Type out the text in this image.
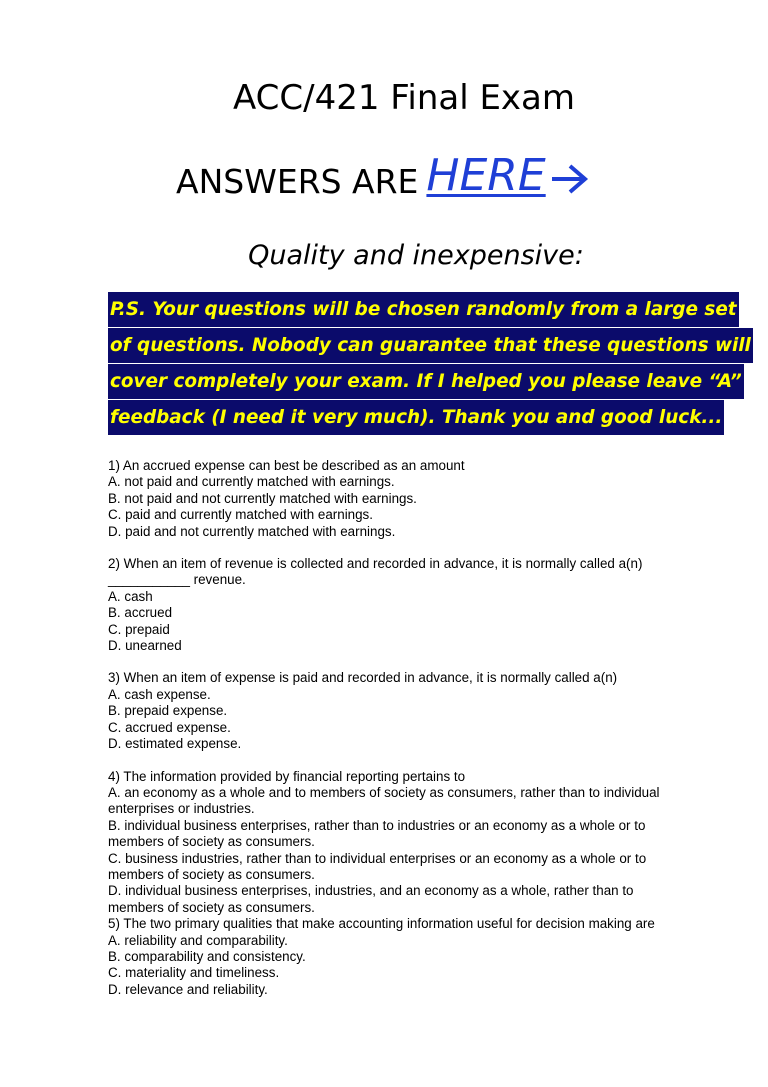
ACC/421 Final Exam
ANSWERS ARE HERE
Quality and inexpensive:
P.S. Your questions will be chosen randomly from a large set
of questions. Nobody can guarantee that these questions will
cover completely your exam. If I helped you please leave “A”
feedback (I need it very much). Thank you and good luck...

1) An accrued expense can best be described as an amount

A. not paid and currently matched with earnings.

B. not paid and not currently matched with earnings.

C. paid and currently matched with earnings.

D. paid and not currently matched with earnings.

2) When an item of revenue is collected and recorded in advance, it is normally called a(n)

___________ revenue.

A. cash

B. accrued

C. prepaid

D. unearned

3) When an item of expense is paid and recorded in advance, it is normally called a(n)

A. cash expense.

B. prepaid expense.

C. accrued expense.

D. estimated expense.

4) The information provided by financial reporting pertains to

A. an economy as a whole and to members of society as consumers, rather than to individual

enterprises or industries.

B. individual business enterprises, rather than to industries or an economy as a whole or to

members of society as consumers.

C. business industries, rather than to individual enterprises or an economy as a whole or to

members of society as consumers.

D. individual business enterprises, industries, and an economy as a whole, rather than to

members of society as consumers.

5) The two primary qualities that make accounting information useful for decision making are

A. reliability and comparability.

B. comparability and consistency.

C. materiality and timeliness.

D. relevance and reliability.
